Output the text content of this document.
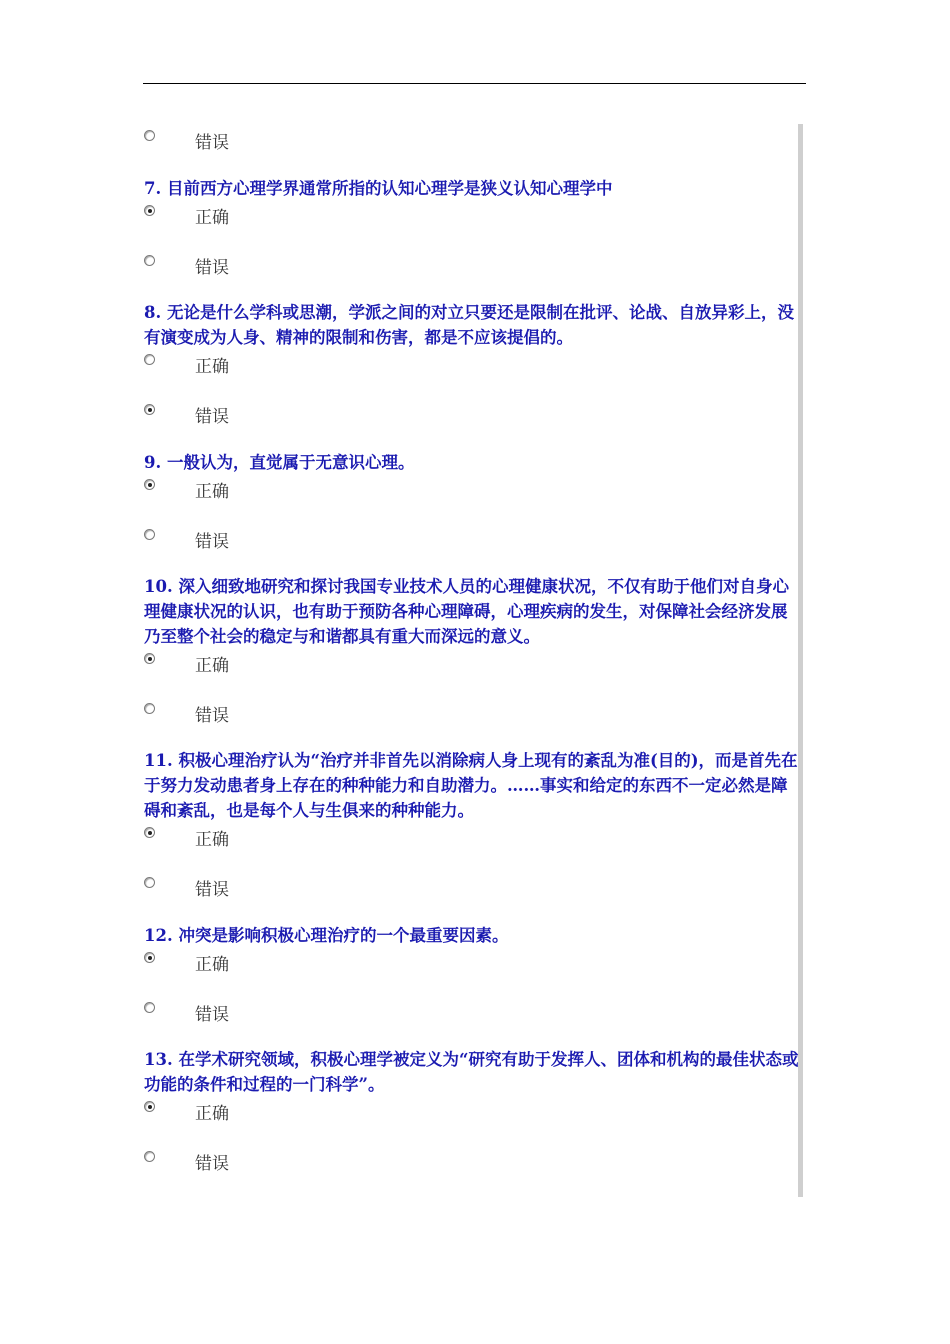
错误

7. 目前西方心理学界通常所指的认知心理学是狭义认知心理学中

正确
错误

8. 无论是什么学科或思潮，学派之间的对立只要还是限制在批评、论战、自放异彩上，没有演变成为人身、精神的限制和伤害，都是不应该提倡的。

正确
错误

9. 一般认为，直觉属于无意识心理。

正确
错误

10. 深入细致地研究和探讨我国专业技术人员的心理健康状况，不仅有助于他们对自身心理健康状况的认识，也有助于预防各种心理障碍，心理疾病的发生，对保障社会经济发展乃至整个社会的稳定与和谐都具有重大而深远的意义。

正确
错误

11. 积极心理治疗认为“治疗并非首先以消除病人身上现有的紊乱为准(目的)，而是首先在于努力发动患者身上存在的种种能力和自助潜力。……事实和给定的东西不一定必然是障碍和紊乱，也是每个人与生俱来的种种能力。

正确
错误

12. 冲突是影响积极心理治疗的一个最重要因素。

正确
错误

13. 在学术研究领域，积极心理学被定义为“研究有助于发挥人、团体和机构的最佳状态或功能的条件和过程的一门科学”。

正确
错误
